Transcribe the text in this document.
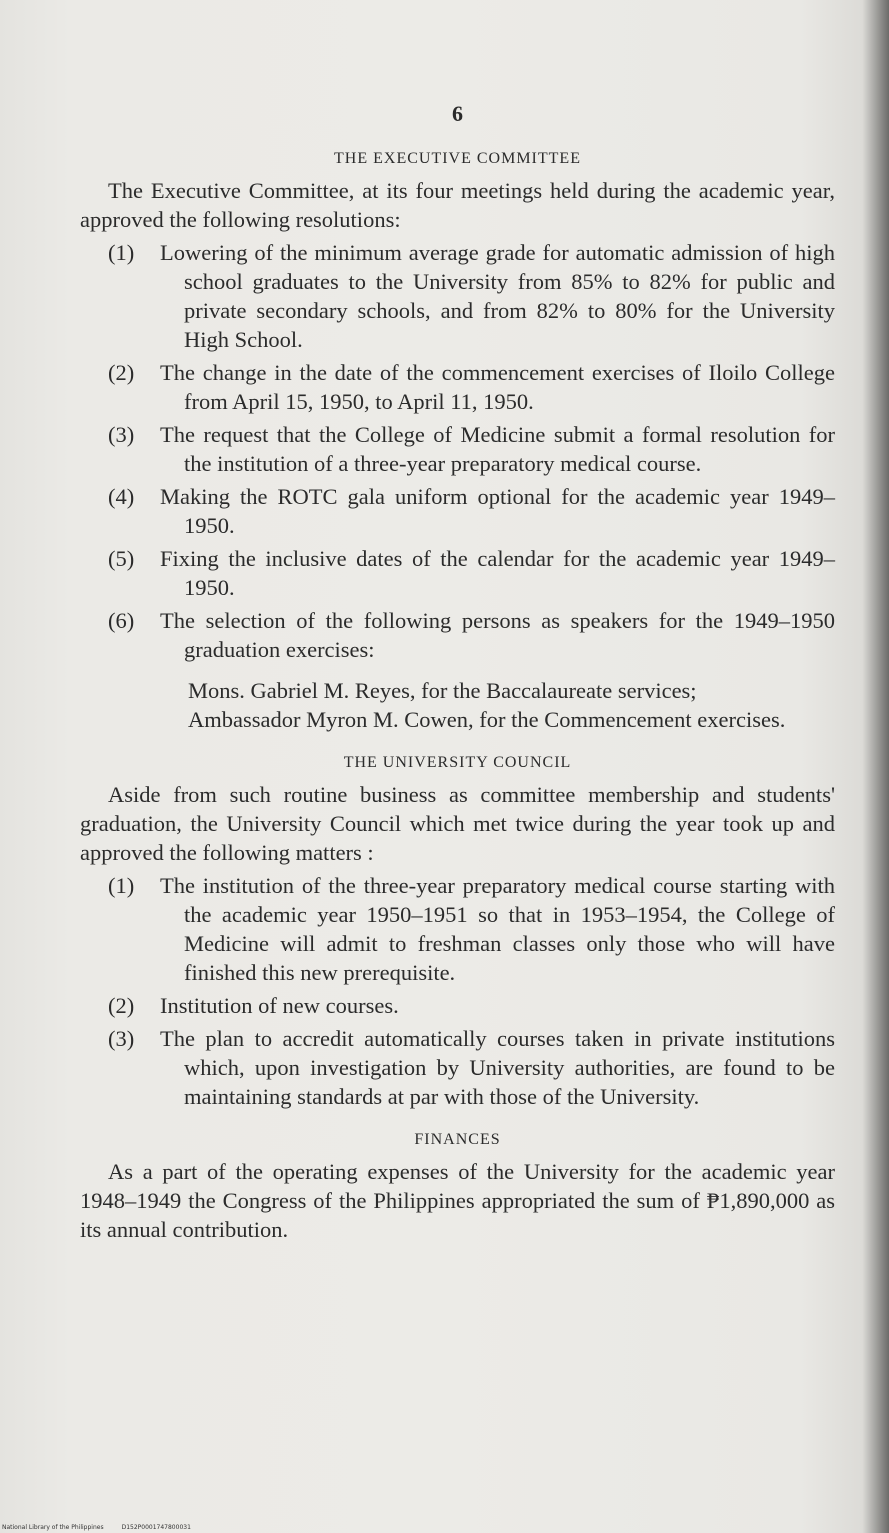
6
THE EXECUTIVE COMMITTEE

The Executive Committee, at its four meetings held during the academic year, approved the following resolutions:

(1)	Lowering of the minimum average grade for automatic admission of high school graduates to the University from 85% to 82% for public and private secondary schools, and from 82% to 80% for the University High School.
(2)	The change in the date of the commencement exercises of Iloilo College from April 15, 1950, to April 11, 1950.
(3)	The request that the College of Medicine submit a formal resolution for the institution of a three-year preparatory medical course.
(4)	Making the ROTC gala uniform optional for the academic year 1949–1950.
(5)	Fixing the inclusive dates of the calendar for the academic year 1949–1950.
(6)	The selection of the following persons as speakers for the 1949–1950 graduation exercises:
Mons. Gabriel M. Reyes, for the Baccalaureate services;
Ambassador Myron M. Cowen, for the Commencement exercises.
THE UNIVERSITY COUNCIL

Aside from such routine business as committee membership and students' graduation, the University Council which met twice during the year took up and approved the following matters :

(1)	The institution of the three-year preparatory medical course starting with the academic year 1950–1951 so that in 1953–1954, the College of Medicine will admit to freshman classes only those who will have finished this new prerequisite.
(2)	Institution of new courses.
(3)	The plan to accredit automatically courses taken in private institutions which, upon investigation by University authorities, are found to be maintaining standards at par with those of the University.
FINANCES

As a part of the operating expenses of the University for the academic year 1948–1949 the Congress of the Philippines appropriated the sum of ₱1,890,000 as its annual contribution.

National Library of the Philippines	D152P0001747800031
